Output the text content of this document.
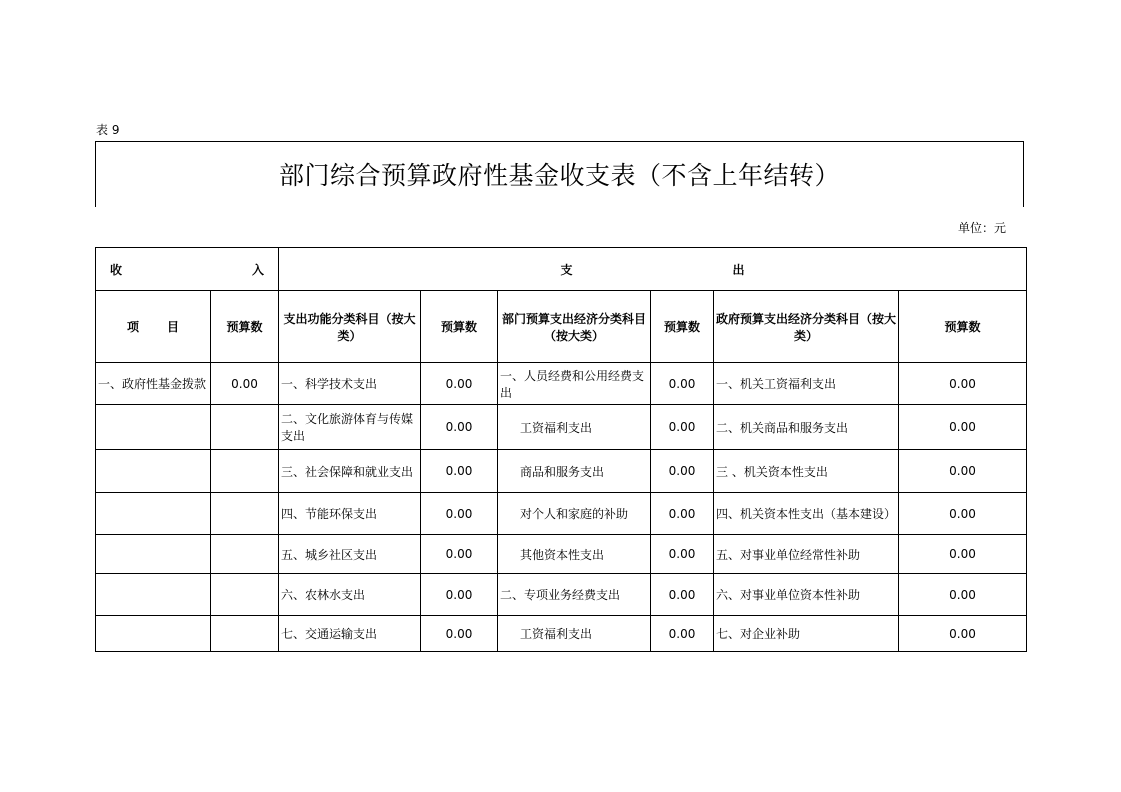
表 9
部门综合预算政府性基金收支表（不含上年结转）
单位：元
收 入		支 出					

项 目	预算数	支出功能分类科目（按大类）	预算数	部门预算支出经济分类科目（按大类）	预算数	政府预算支出经济分类科目（按大类）	预算数
一、政府性基金拨款	0.00	一、科学技术支出	0.00	一、人员经费和公用经费支出	0.00	一、机关工资福利支出	0.00
		二、文化旅游体育与传媒支出	0.00	工资福利支出	0.00	二、机关商品和服务支出	0.00
		三、社会保障和就业支出	0.00	商品和服务支出	0.00	三 、机关资本性支出	0.00
		四、节能环保支出	0.00	对个人和家庭的补助	0.00	四、机关资本性支出（基本建设）	0.00
		五、城乡社区支出	0.00	其他资本性支出	0.00	五、对事业单位经常性补助	0.00
		六、农林水支出	0.00	二、专项业务经费支出	0.00	六、对事业单位资本性补助	0.00
		七、交通运输支出	0.00	工资福利支出	0.00	七、对企业补助	0.00
